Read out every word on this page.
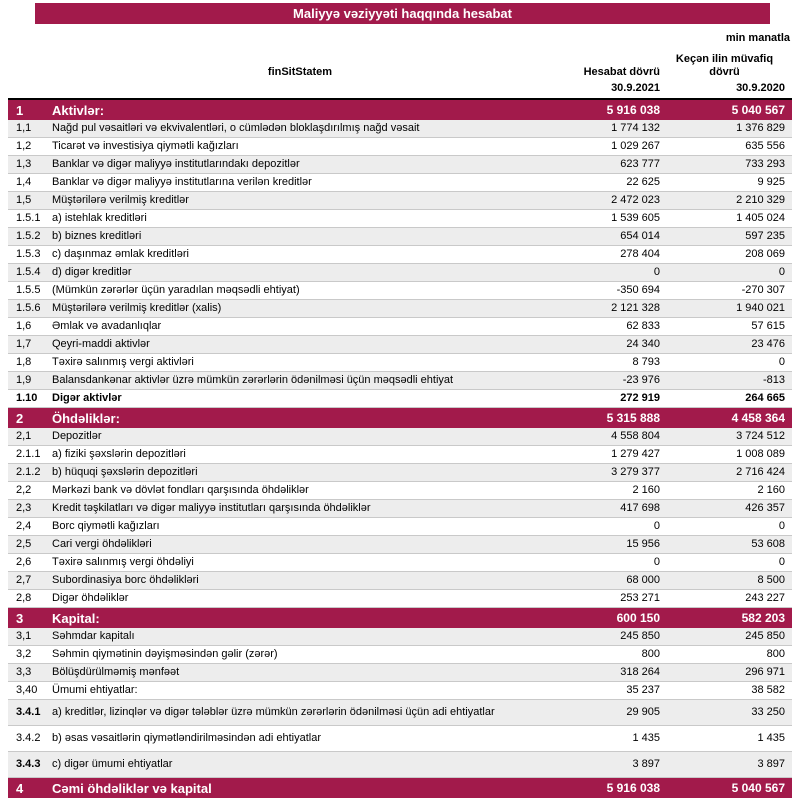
Maliyyə vəziyyəti haqqında hesabat
min manatla
finSitStatem	Hesabat dövrü
Keçən ilin müvafiq dövrü
30.9.2021	30.9.2020
1	Aktivlər:	5 916 038	5 040 567
1,1	Nağd pul vəsaitləri və ekvivalentləri, o cümlədən bloklaşdırılmış nağd vəsait	1 774 132	1 376 829
1,2	Ticarət və investisiya qiymətli kağızları	1 029 267	635 556
1,3	Banklar və digər maliyyə institutlarındakı depozitlər	623 777	733 293
1,4	Banklar və digər maliyyə institutlarına verilən kreditlər	22 625	9 925
1,5	Müştərilərə verilmiş kreditlər	2 472 023	2 210 329
1.5.1	a) istehlak kreditləri	1 539 605	1 405 024
1.5.2	b) biznes kreditləri	654 014	597 235
1.5.3	c) daşınmaz əmlak kreditləri	278 404	208 069
1.5.4	d) digər kreditlər	0	0
1.5.5	(Mümkün zərərlər üçün yaradılan məqsədli ehtiyat)	-350 694	-270 307
1.5.6	Müştərilərə verilmiş kreditlər (xalis)	2 121 328	1 940 021
1,6	Əmlak və avadanlıqlar	62 833	57 615
1,7	Qeyri-maddi aktivlər	24 340	23 476
1,8	Təxirə salınmış vergi aktivləri	8 793	0
1,9	Balansdankənar aktivlər üzrə mümkün zərərlərin ödənilməsi üçün məqsədli ehtiyat	-23 976	-813
1.10	Digər aktivlər	272 919	264 665
2	Öhdəliklər:	5 315 888	4 458 364
2,1	Depozitlər	4 558 804	3 724 512
2.1.1	a) fiziki şəxslərin depozitləri	1 279 427	1 008 089
2.1.2	b) hüquqi şəxslərin depozitləri	3 279 377	2 716 424
2,2	Mərkəzi bank və dövlət fondları qarşısında öhdəliklər	2 160	2 160
2,3	Kredit təşkilatları və digər maliyyə institutları qarşısında öhdəliklər	417 698	426 357
2,4	Borc qiymətli kağızları	0	0
2,5	Cari vergi öhdəlikləri	15 956	53 608
2,6	Təxirə salınmış vergi öhdəliyi	0	0
2,7	Subordinasiya borc öhdəlikləri	68 000	8 500
2,8	Digər öhdəliklər	253 271	243 227
3	Kapital:	600 150	582 203
3,1	Səhmdar kapitalı	245 850	245 850
3,2	Səhmin qiymətinin dəyişməsindən gəlir (zərər)	800	800
3,3	Bölüşdürülməmiş mənfəət	318 264	296 971
3,40	Ümumi ehtiyatlar:	35 237	38 582
3.4.1	a) kreditlər, lizinqlər və digər tələblər üzrə mümkün zərərlərin ödənilməsi üçün adi ehtiyatlar	29 905	33 250
3.4.2	b) əsas vəsaitlərin qiymətləndirilməsindən adi ehtiyatlar	1 435	1 435
3.4.3	c) digər ümumi ehtiyatlar	3 897	3 897
4	Cəmi öhdəliklər və kapital	5 916 038	5 040 567
